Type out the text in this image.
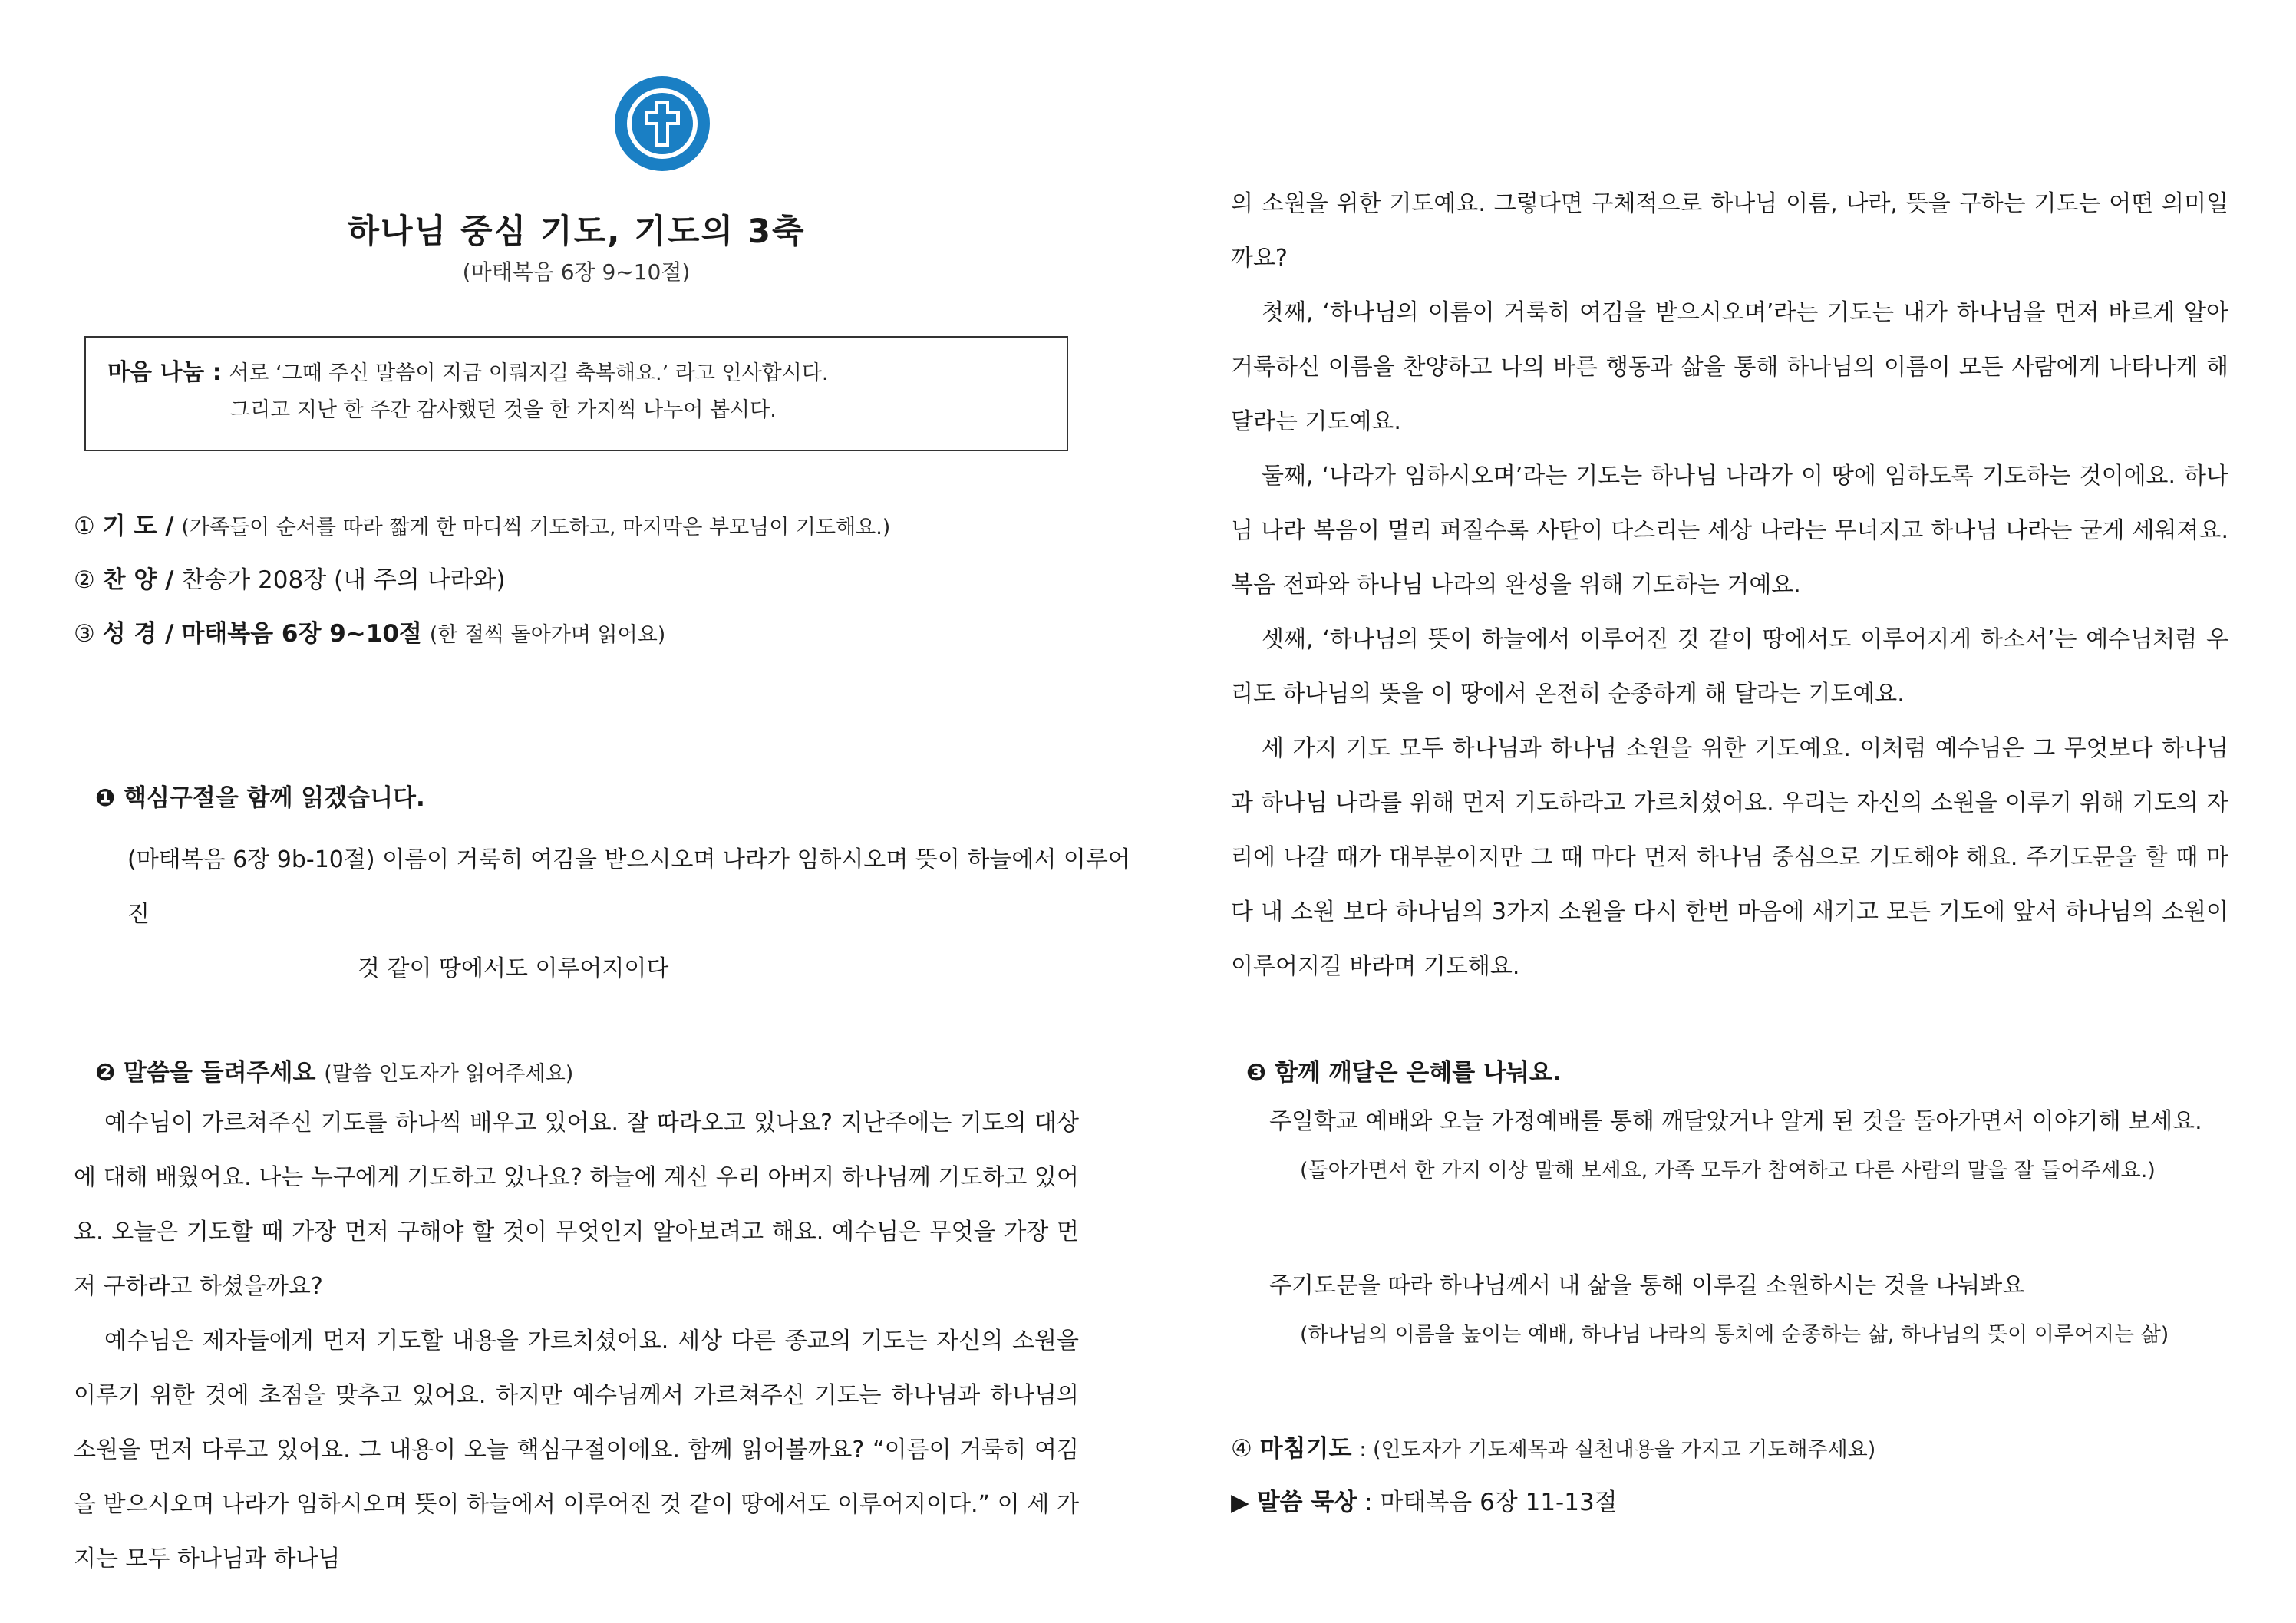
하나님 중심 기도, 기도의 3축
(마태복음 6장 9~10절)
마음 나눔 : 서로 ‘그때 주신 말씀이 지금 이뤄지길 축복해요.’ 라고 인사합시다.
그리고 지난 한 주간 감사했던 것을 한 가지씩 나누어 봅시다.
① 기 도 / (가족들이 순서를 따라 짧게 한 마디씩 기도하고, 마지막은 부모님이 기도해요.)
② 찬 양 / 찬송가 208장 (내 주의 나라와)
③ 성 경 / 마태복음 6장 9~10절 (한 절씩 돌아가며 읽어요)
❶ 핵심구절을 함께 읽겠습니다.
(마태복음 6장 9b-10절) 이름이 거룩히 여김을 받으시오며 나라가 임하시오며 뜻이 하늘에서 이루어진
것 같이 땅에서도 이루어지이다
❷ 말씀을 들려주세요 (말씀 인도자가 읽어주세요)

예수님이 가르쳐주신 기도를 하나씩 배우고 있어요. 잘 따라오고 있나요? 지난주에는 기도의 대상에 대해 배웠어요. 나는 누구에게 기도하고 있나요? 하늘에 계신 우리 아버지 하나님께 기도하고 있어요. 오늘은 기도할 때 가장 먼저 구해야 할 것이 무엇인지 알아보려고 해요. 예수님은 무엇을 가장 먼저 구하라고 하셨을까요?

예수님은 제자들에게 먼저 기도할 내용을 가르치셨어요. 세상 다른 종교의 기도는 자신의 소원을 이루기 위한 것에 초점을 맞추고 있어요. 하지만 예수님께서 가르쳐주신 기도는 하나님과 하나님의 소원을 먼저 다루고 있어요. 그 내용이 오늘 핵심구절이에요. 함께 읽어볼까요? “이름이 거룩히 여김을 받으시오며 나라가 임하시오며 뜻이 하늘에서 이루어진 것 같이 땅에서도 이루어지이다.” 이 세 가지는 모두 하나님과 하나님

의 소원을 위한 기도예요. 그렇다면 구체적으로 하나님 이름, 나라, 뜻을 구하는 기도는 어떤 의미일까요?

첫째, ‘하나님의 이름이 거룩히 여김을 받으시오며’라는 기도는 내가 하나님을 먼저 바르게 알아 거룩하신 이름을 찬양하고 나의 바른 행동과 삶을 통해 하나님의 이름이 모든 사람에게 나타나게 해 달라는 기도예요.

둘째, ‘나라가 임하시오며’라는 기도는 하나님 나라가 이 땅에 임하도록 기도하는 것이에요. 하나님 나라 복음이 멀리 퍼질수록 사탄이 다스리는 세상 나라는 무너지고 하나님 나라는 굳게 세워져요. 복음 전파와 하나님 나라의 완성을 위해 기도하는 거예요.

셋째, ‘하나님의 뜻이 하늘에서 이루어진 것 같이 땅에서도 이루어지게 하소서’는 예수님처럼 우리도 하나님의 뜻을 이 땅에서 온전히 순종하게 해 달라는 기도예요.

세 가지 기도 모두 하나님과 하나님 소원을 위한 기도예요. 이처럼 예수님은 그 무엇보다 하나님과 하나님 나라를 위해 먼저 기도하라고 가르치셨어요. 우리는 자신의 소원을 이루기 위해 기도의 자리에 나갈 때가 대부분이지만 그 때 마다 먼저 하나님 중심으로 기도해야 해요. 주기도문을 할 때 마다 내 소원 보다 하나님의 3가지 소원을 다시 한번 마음에 새기고 모든 기도에 앞서 하나님의 소원이 이루어지길 바라며 기도해요.

❸ 함께 깨달은 은혜를 나눠요.
주일학교 예배와 오늘 가정예배를 통해 깨달았거나 알게 된 것을 돌아가면서 이야기해 보세요.
(돌아가면서 한 가지 이상 말해 보세요, 가족 모두가 참여하고 다른 사람의 말을 잘 들어주세요.)
주기도문을 따라 하나님께서 내 삶을 통해 이루길 소원하시는 것을 나눠봐요
(하나님의 이름을 높이는 예배, 하나님 나라의 통치에 순종하는 삶, 하나님의 뜻이 이루어지는 삶)
④ 마침기도 : (인도자가 기도제목과 실천내용을 가지고 기도해주세요)
▶ 말씀 묵상 : 마태복음 6장 11-13절
